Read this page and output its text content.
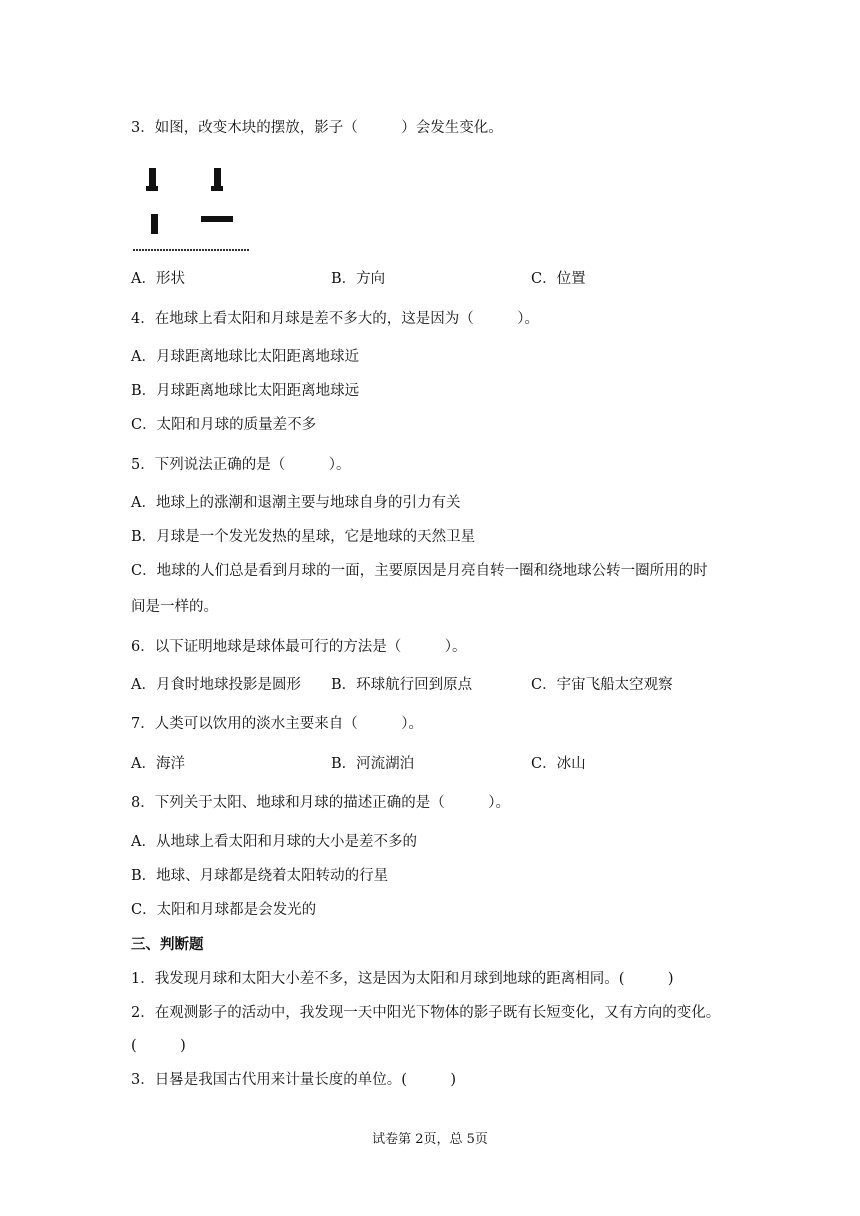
3．如图，改变木块的摆放，影子（　　　）会发生变化。
A．形状	B．方向	C．位置
4．在地球上看太阳和月球是差不多大的，这是因为（　　　）。
A．月球距离地球比太阳距离地球近
B．月球距离地球比太阳距离地球远
C．太阳和月球的质量差不多
5．下列说法正确的是（　　　）。
A．地球上的涨潮和退潮主要与地球自身的引力有关
B．月球是一个发光发热的星球，它是地球的天然卫星
C．地球的人们总是看到月球的一面，主要原因是月亮自转一圈和绕地球公转一圈所用的时
间是一样的。
6．以下证明地球是球体最可行的方法是（　　　）。
A．月食时地球投影是圆形 B．环球航行回到原点	C．宇宙飞船太空观察
7．人类可以饮用的淡水主要来自（　　　）。
A．海洋	B．河流湖泊	C．冰山
8．下列关于太阳、地球和月球的描述正确的是（　　　）。
A．从地球上看太阳和月球的大小是差不多的
B．地球、月球都是绕着太阳转动的行星
C．太阳和月球都是会发光的
三、判断题
1．我发现月球和太阳大小差不多，这是因为太阳和月球到地球的距离相同。(　　　)
2．在观测影子的活动中，我发现一天中阳光下物体的影子既有长短变化，又有方向的变化。
(　　　)
3．日晷是我国古代用来计量长度的单位。(　　　)
试卷第 2页，总 5页
